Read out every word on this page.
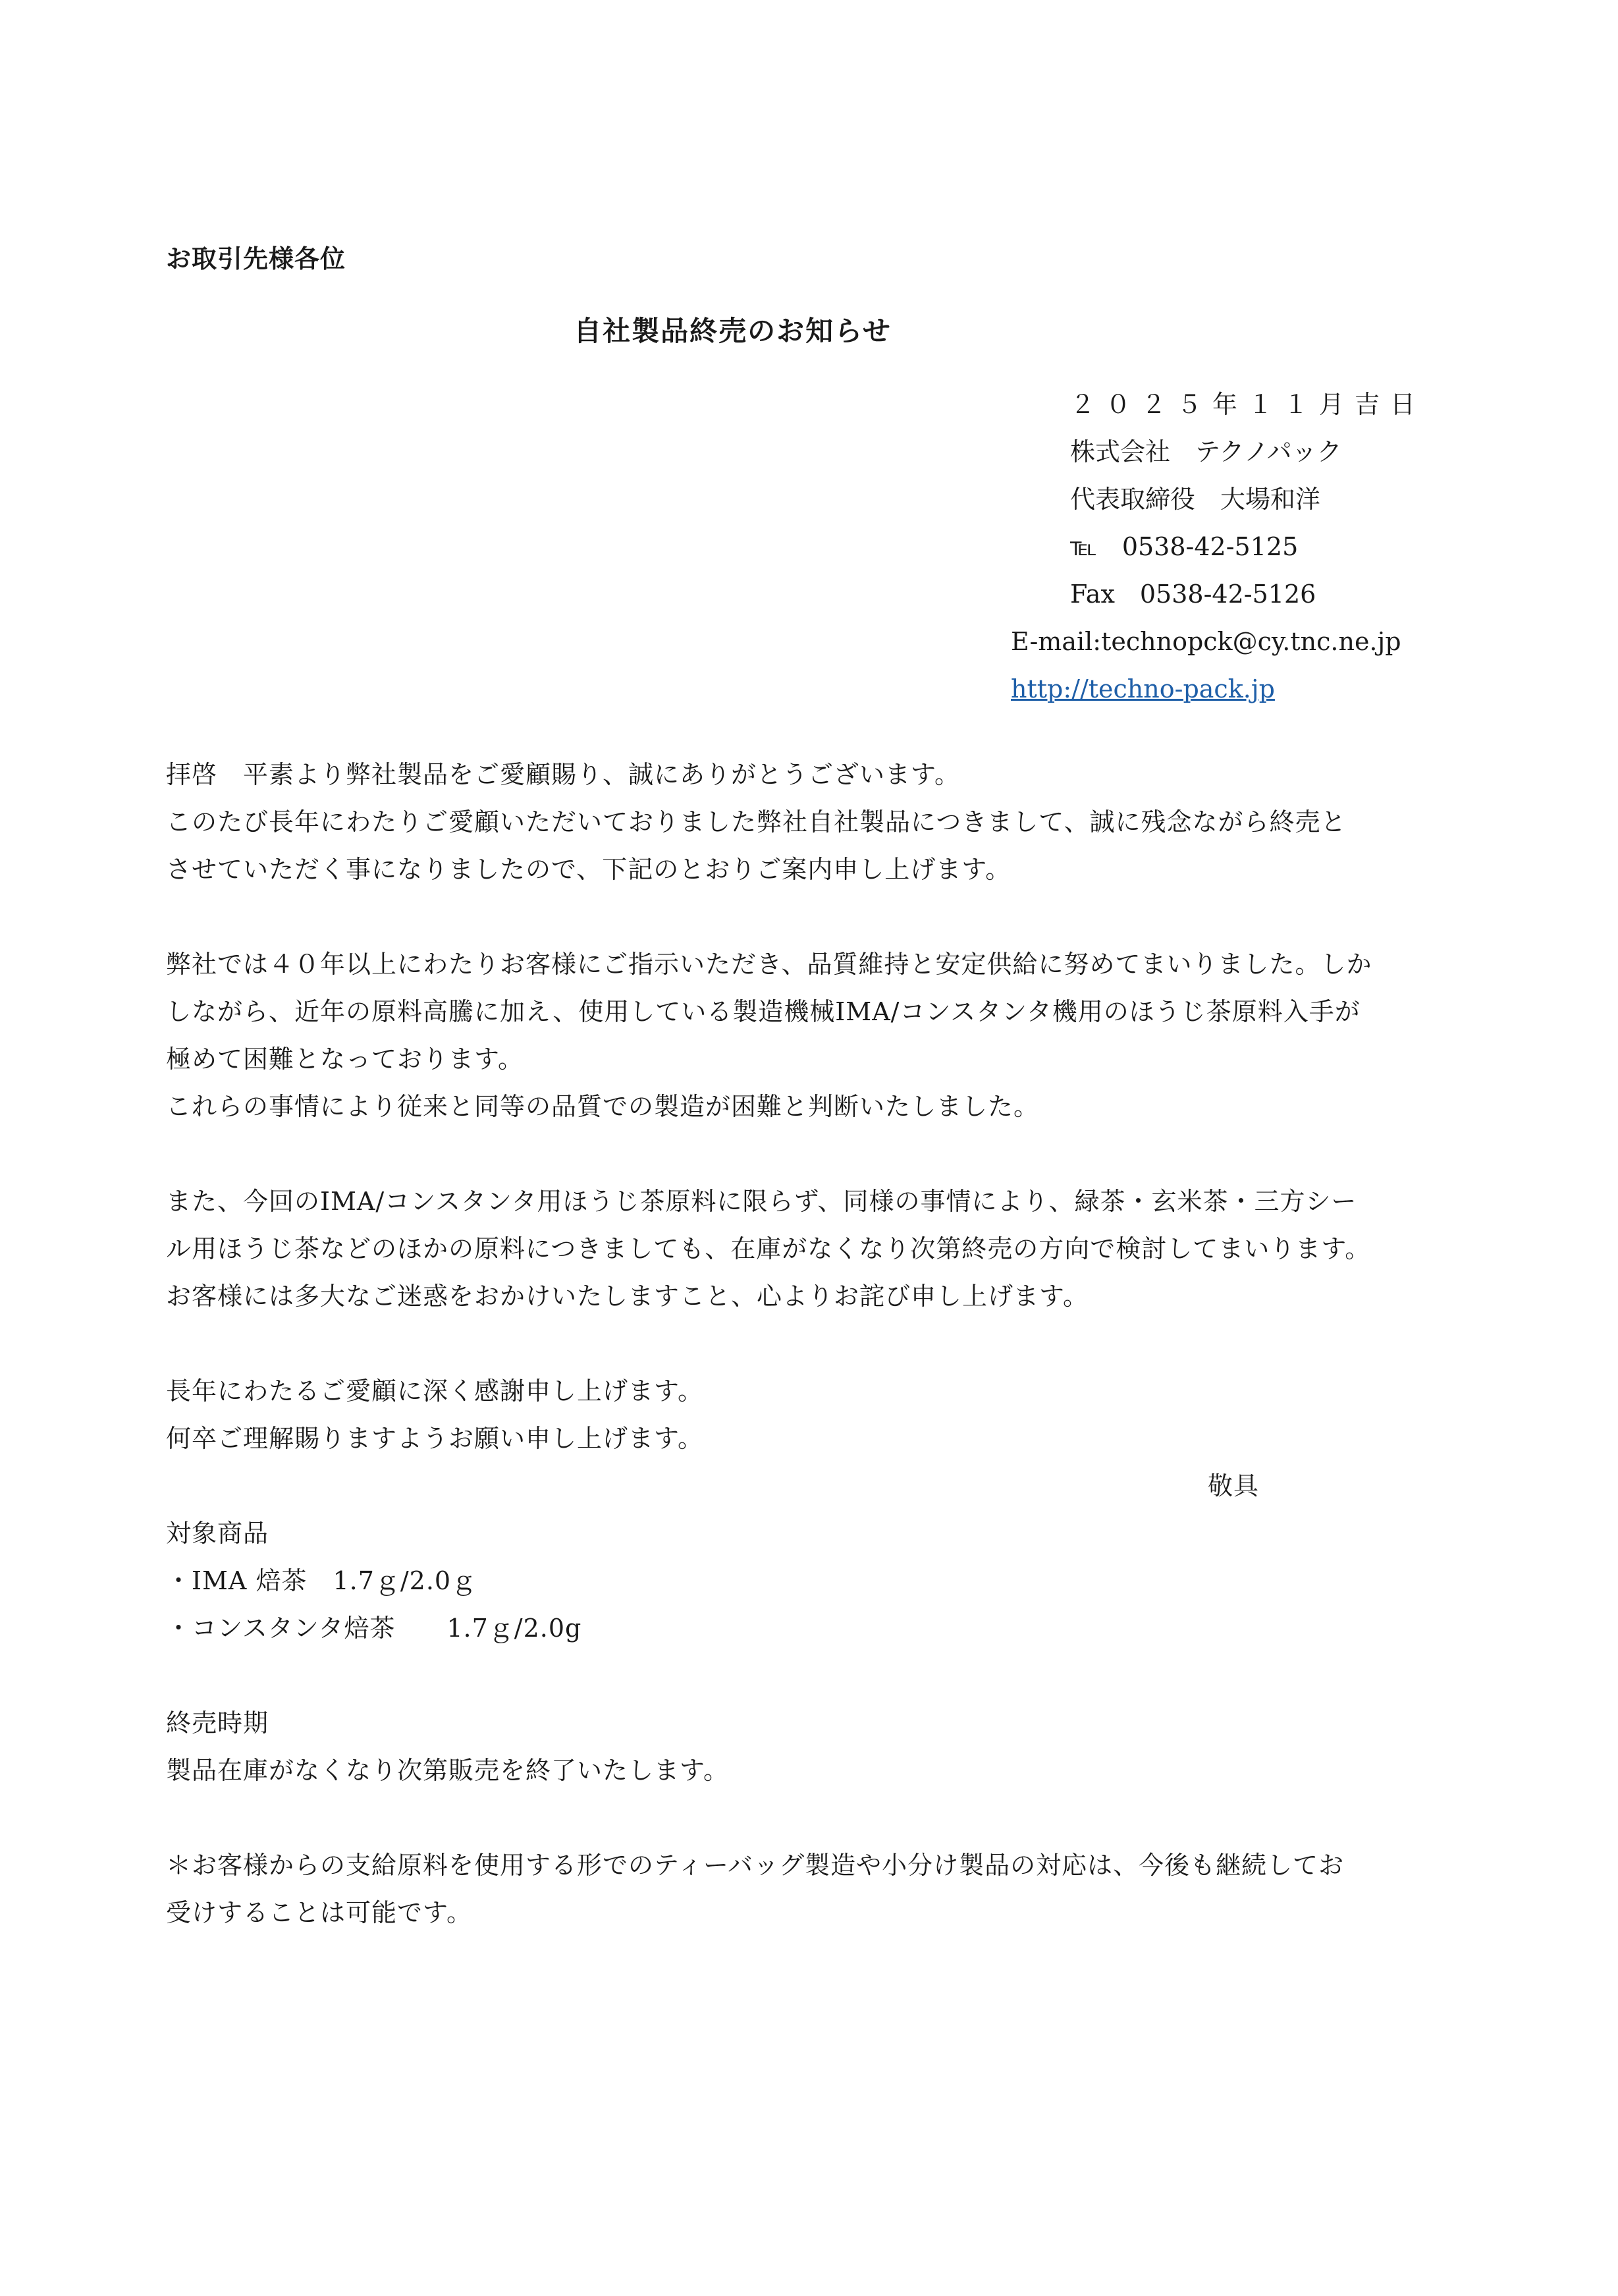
お取引先様各位
自社製品終売のお知らせ
２０２５年１１月吉日
株式会社　テクノパック
代表取締役　大場和洋
℡　0538-42-5125
Fax　0538-42-5126
E-mail:technopck@cy.tnc.ne.jp
http://techno-pack.jp

拝啓　平素より弊社製品をご愛顧賜り、誠にありがとうございます。

このたび長年にわたりご愛顧いただいておりました弊社自社製品につきまして、誠に残念ながら終売と

させていただく事になりましたので、下記のとおりご案内申し上げます。

弊社では４０年以上にわたりお客様にご指示いただき、品質維持と安定供給に努めてまいりました。しか

しながら、近年の原料高騰に加え、使用している製造機械IMA/コンスタンタ機用のほうじ茶原料入手が

極めて困難となっております。

これらの事情により従来と同等の品質での製造が困難と判断いたしました。

また、今回のIMA/コンスタンタ用ほうじ茶原料に限らず、同様の事情により、緑茶・玄米茶・三方シー

ル用ほうじ茶などのほかの原料につきましても、在庫がなくなり次第終売の方向で検討してまいります。

お客様には多大なご迷惑をおかけいたしますこと、心よりお詫び申し上げます。

長年にわたるご愛顧に深く感謝申し上げます。

何卒ご理解賜りますようお願い申し上げます。

敬具

対象商品

・IMA 焙茶　1.7ｇ/2.0ｇ

・コンスタンタ焙茶　　1.7ｇ/2.0g

終売時期

製品在庫がなくなり次第販売を終了いたします。

＊お客様からの支給原料を使用する形でのティーバッグ製造や小分け製品の対応は、今後も継続してお

受けすることは可能です。
